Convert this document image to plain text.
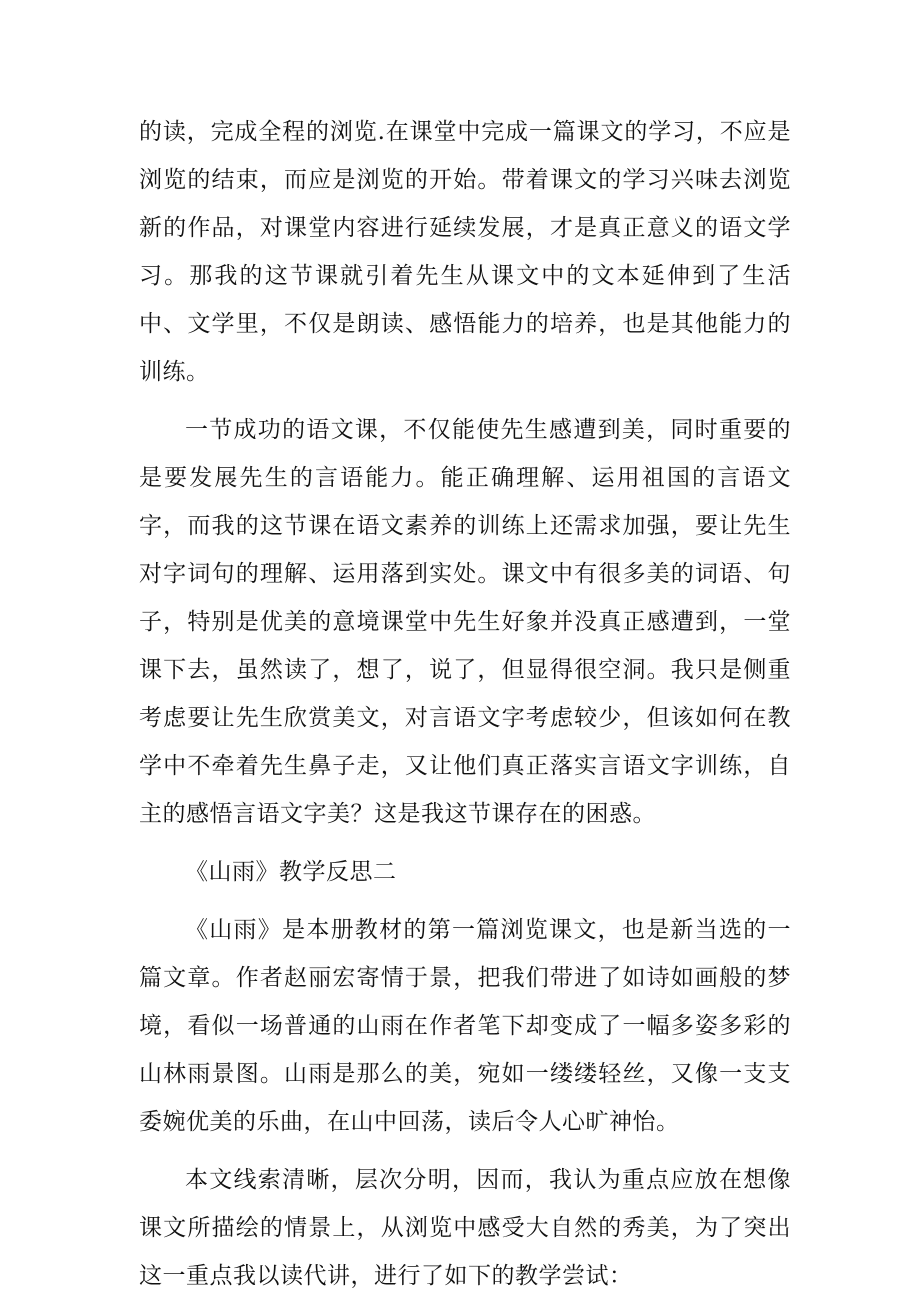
的读，完成全程的浏览.在课堂中完成一篇课文的学习，不应是浏览的结束，而应是浏览的开始。带着课文的学习兴味去浏览新的作品，对课堂内容进行延续发展，才是真正意义的语文学习。那我的这节课就引着先生从课文中的文本延伸到了生活中、文学里，不仅是朗读、感悟能力的培养，也是其他能力的训练。

一节成功的语文课，不仅能使先生感遭到美，同时重要的是要发展先生的言语能力。能正确理解、运用祖国的言语文字，而我的这节课在语文素养的训练上还需求加强，要让先生对字词句的理解、运用落到实处。课文中有很多美的词语、句子，特别是优美的意境课堂中先生好象并没真正感遭到，一堂课下去，虽然读了，想了，说了，但显得很空洞。我只是侧重考虑要让先生欣赏美文，对言语文字考虑较少，但该如何在教学中不牵着先生鼻子走，又让他们真正落实言语文字训练，自主的感悟言语文字美？这是我这节课存在的困惑。

《山雨》教学反思二

《山雨》是本册教材的第一篇浏览课文，也是新当选的一篇文章。作者赵丽宏寄情于景，把我们带进了如诗如画般的梦境，看似一场普通的山雨在作者笔下却变成了一幅多姿多彩的山林雨景图。山雨是那么的美，宛如一缕缕轻丝，又像一支支委婉优美的乐曲，在山中回荡，读后令人心旷神怡。

本文线索清晰，层次分明，因而，我认为重点应放在想像课文所描绘的情景上，从浏览中感受大自然的秀美，为了突出这一重点我以读代讲，进行了如下的教学尝试：
